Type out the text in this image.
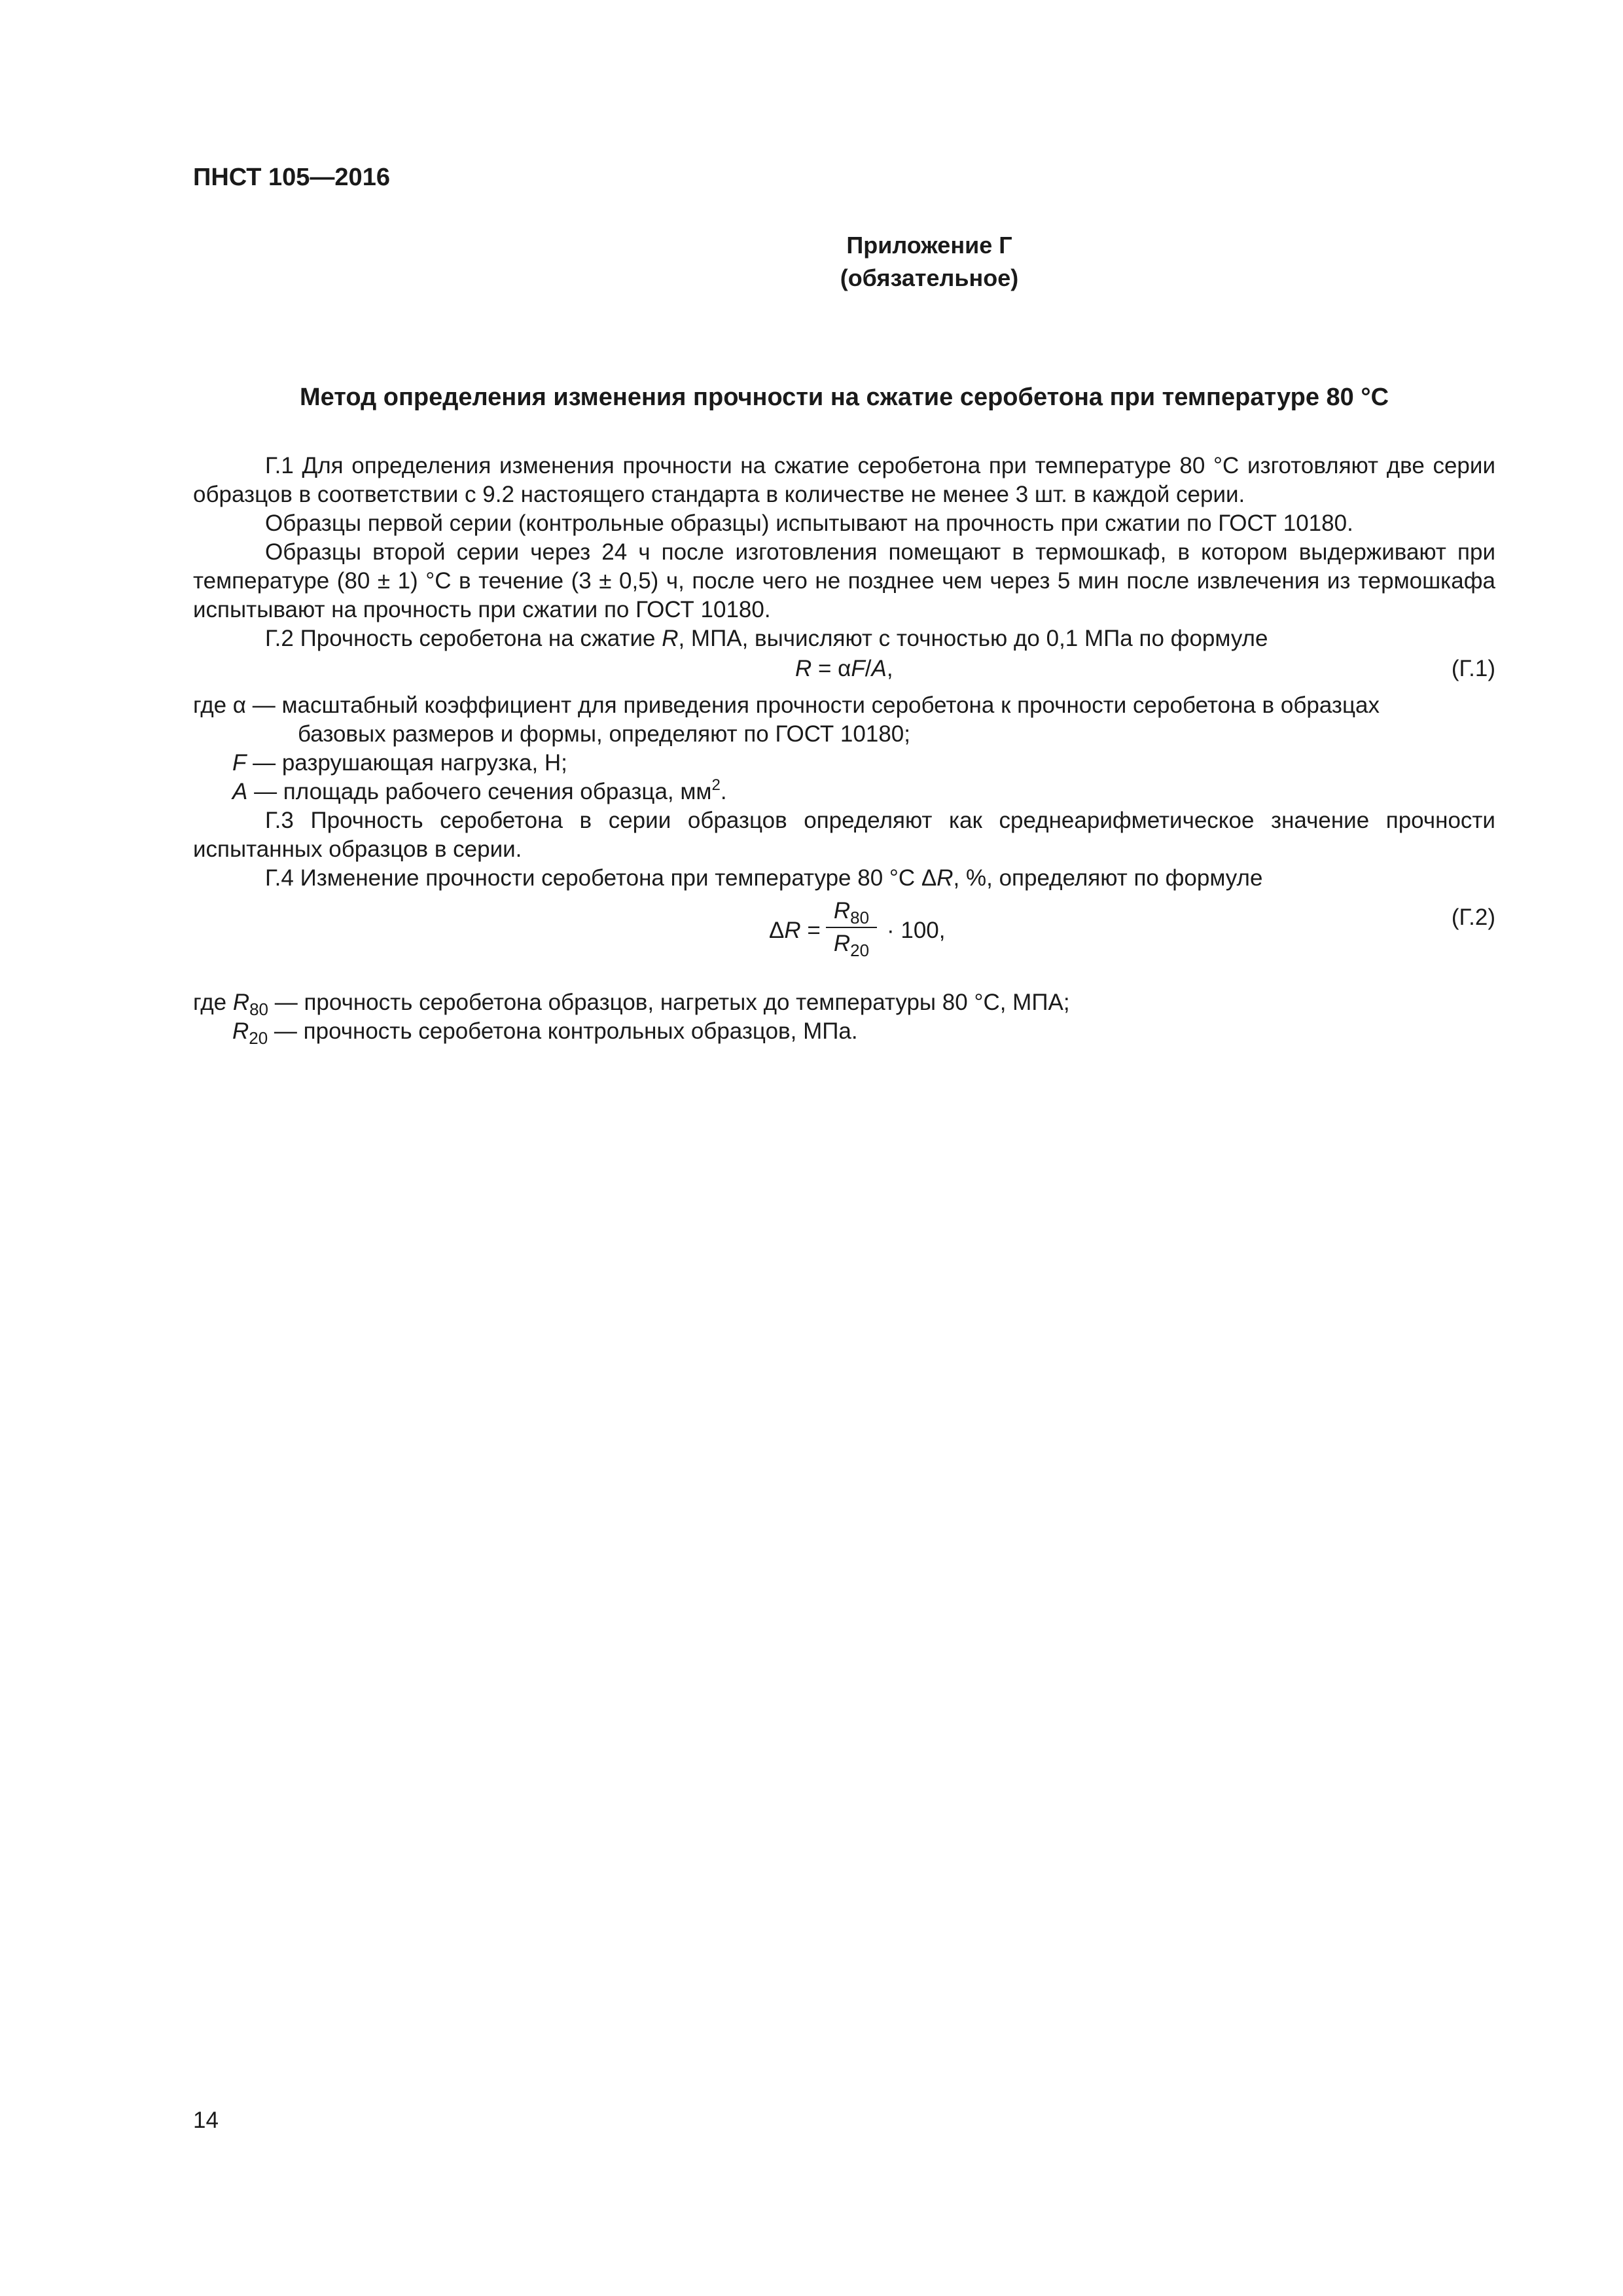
ПНСТ 105—2016
Приложение Г
(обязательное)
Метод определения изменения прочности на сжатие серобетона при температуре 80 °С

Г.1 Для определения изменения прочности на сжатие серобетона при температуре 80 °С изготовляют две серии образцов в соответствии с 9.2 настоящего стандарта в количестве не менее 3 шт. в каждой серии.

Образцы первой серии (контрольные образцы) испытывают на прочность при сжатии по ГОСТ 10180.

Образцы второй серии через 24 ч после изготовления помещают в термошкаф, в котором выдерживают при температуре (80 ± 1) °С в течение (3 ± 0,5) ч, после чего не позднее чем через 5 мин после извлечения из термошкафа испытывают на прочность при сжатии по ГОСТ 10180.

Г.2 Прочность серобетона на сжатие R, МПА, вычисляют с точностью до 0,1 МПа по формуле

R = αF/A,	(Г.1)
где α — масштабный коэффициент для приведения прочности серобетона к прочности серобетона в образцах
базовых размеров и формы, определяют по ГОСТ 10180;
F — разрушающая нагрузка, Н;
A — площадь рабочего сечения образца, $мм^2$.

Г.3 Прочность серобетона в серии образцов определяют как среднеарифметическое значение прочности испытанных образцов в серии.

Г.4 Изменение прочности серобетона при температуре 80 °С ΔR, %, определяют по формуле

ΔR =
$R_{80}$
$R_{20}$
· 100,
(Г.2)
где $R_{80}$ — прочность серобетона образцов, нагретых до температуры 80 °С, МПА;
$R_{20}$ — прочность серобетона контрольных образцов, МПа.
14
